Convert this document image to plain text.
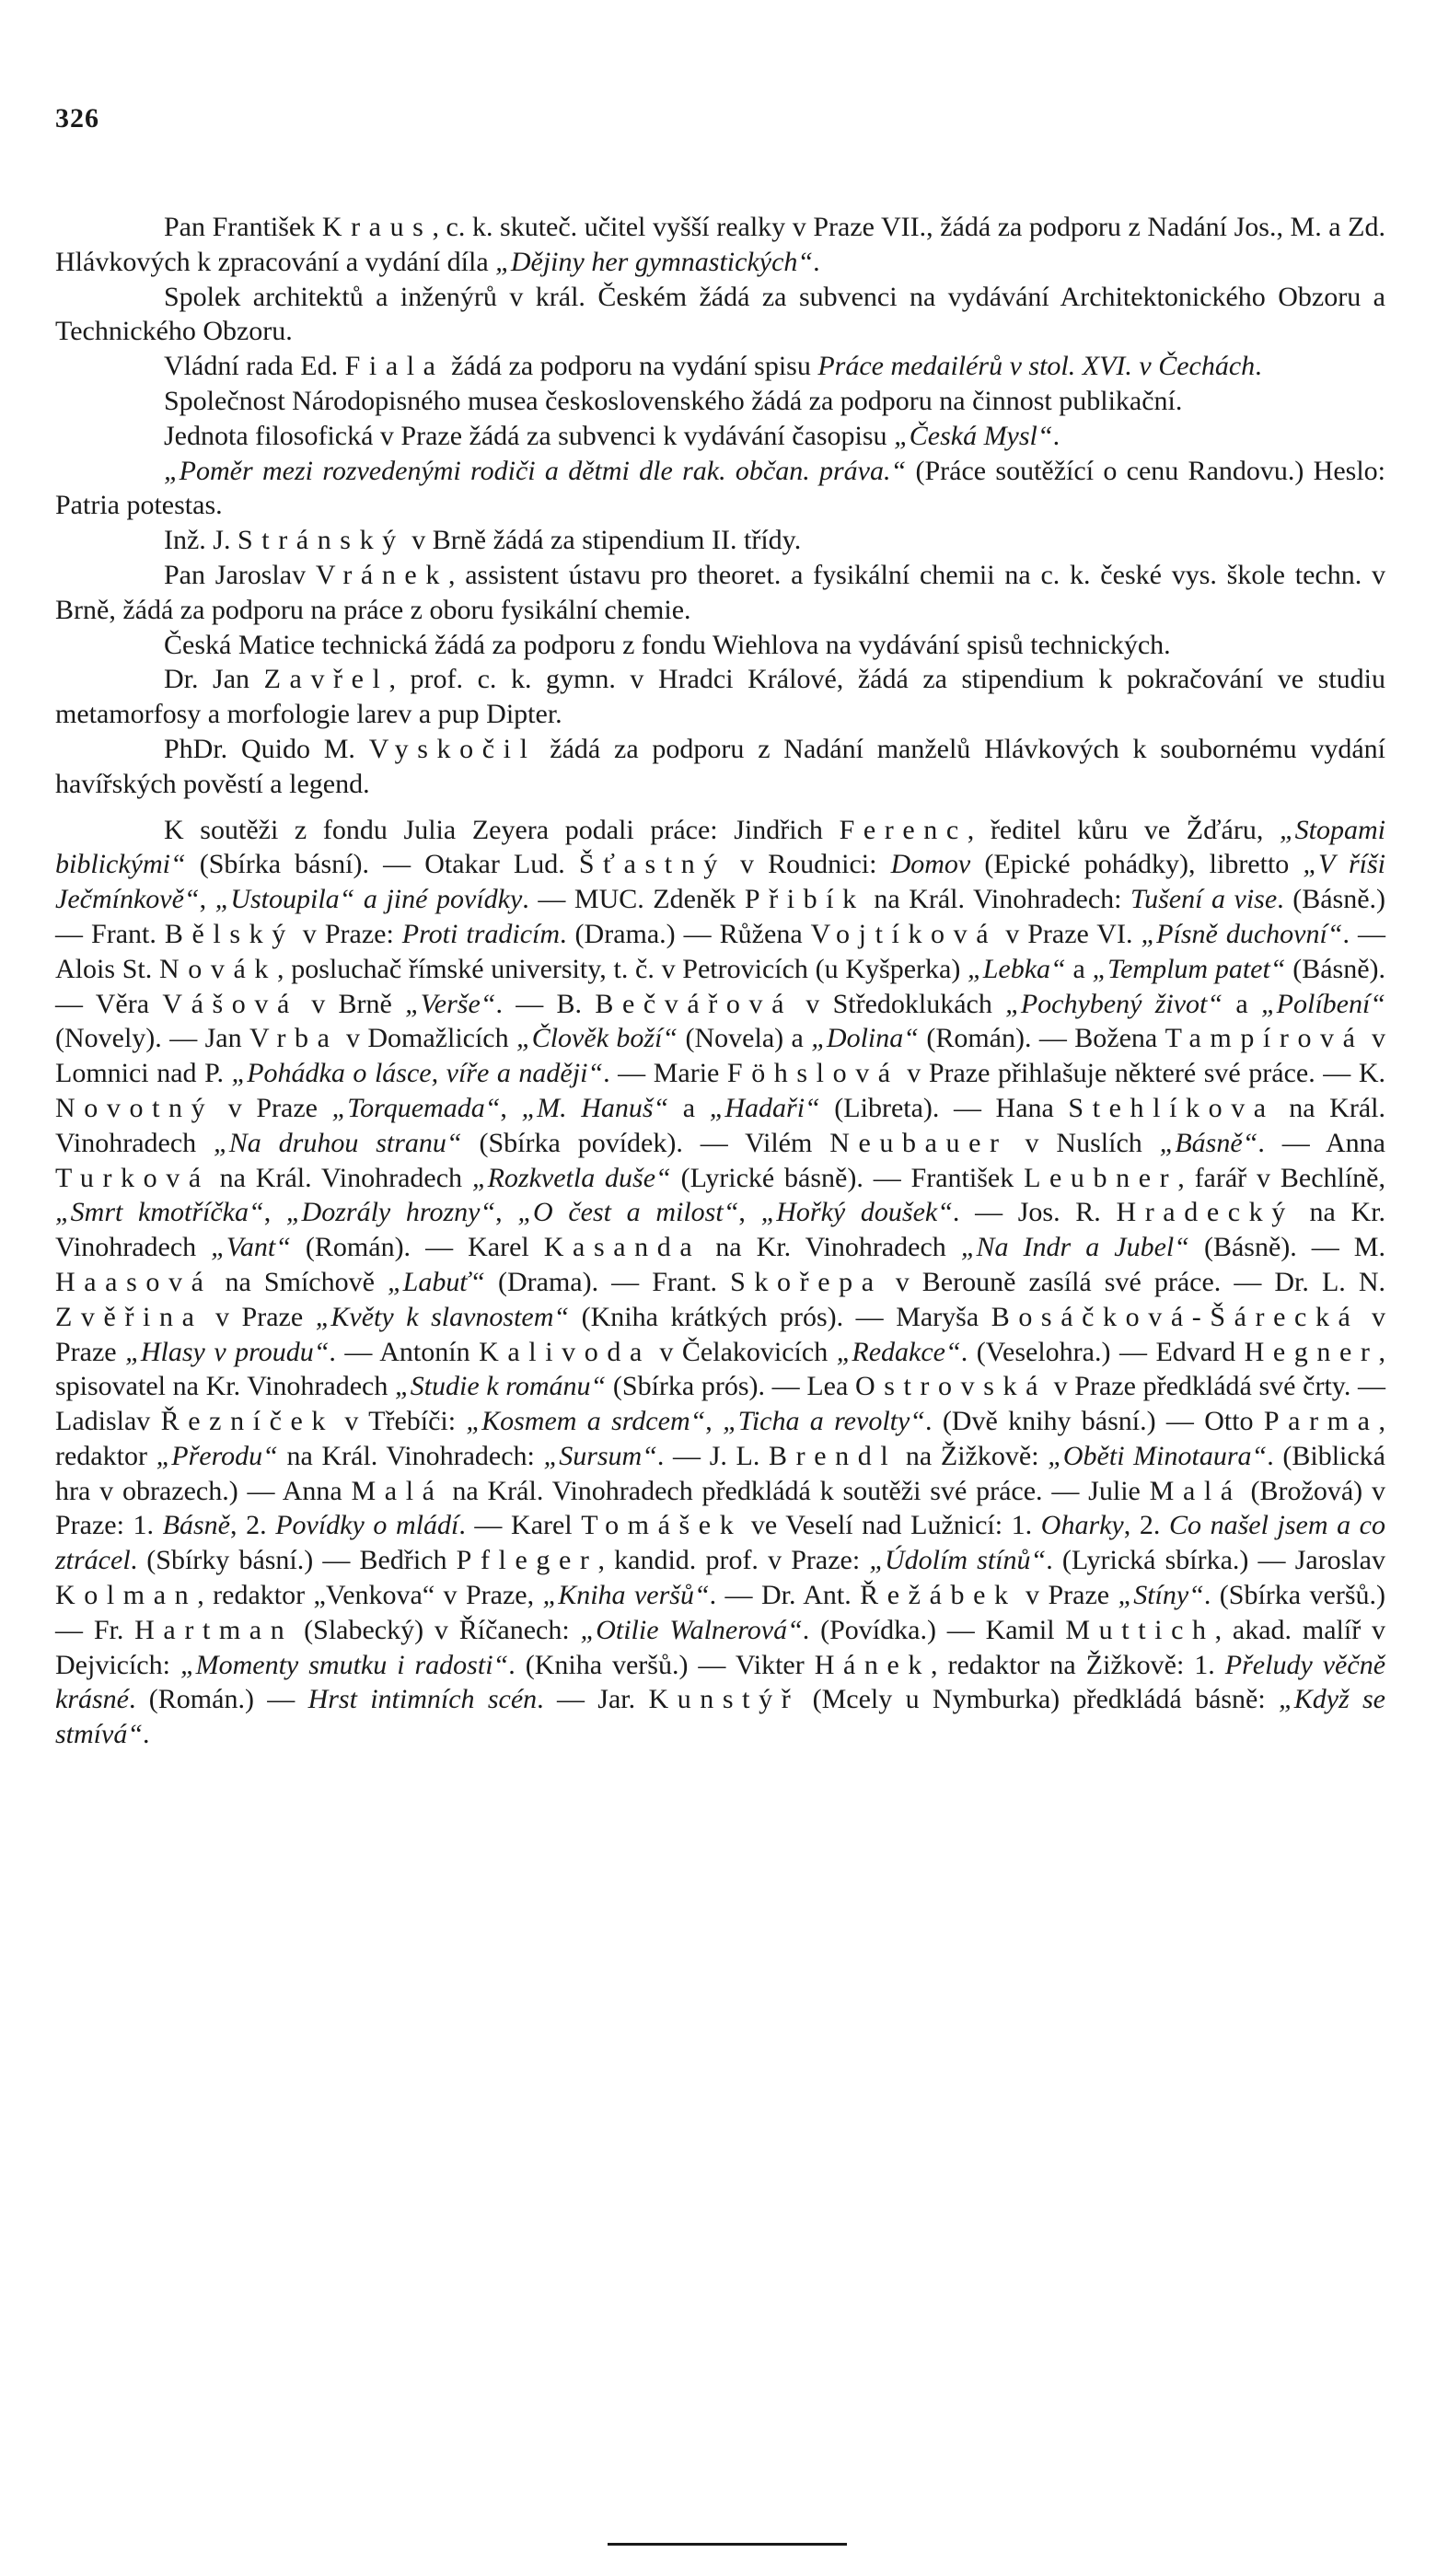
326

Pan František Kraus, c. k. skuteč. učitel vyšší realky v Praze VII., žádá za podporu z Nadání Jos., M. a Zd. Hlávkových k zpracování a vydání díla „Dějiny her gymnastických“.

Spolek architektů a inženýrů v král. Českém žádá za subvenci na vydávání Architektonického Obzoru a Technického Obzoru.

Vládní rada Ed. Fiala žádá za podporu na vydání spisu Práce medailérů v stol. XVI. v Čechách.

Společnost Národopisného musea československého žádá za podporu na činnost publikační.

Jednota filosofická v Praze žádá za subvenci k vydávání časopisu „Česká Mysl“.

„Poměr mezi rozvedenými rodiči a dětmi dle rak. občan. práva.“ (Práce soutěžící o cenu Randovu.) Heslo: Patria potestas.

Inž. J. Stránský v Brně žádá za stipendium II. třídy.

Pan Jaroslav Vránek, assistent ústavu pro theoret. a fysikální chemii na c. k. české vys. škole techn. v Brně, žádá za podporu na práce z oboru fysikální chemie.

Česká Matice technická žádá za podporu z fondu Wiehlova na vydávání spisů technických.

Dr. Jan Zavřel, prof. c. k. gymn. v Hradci Králové, žádá za stipendium k pokračování ve studiu metamorfosy a morfologie larev a pup Dipter.

PhDr. Quido M. Vyskočil žádá za podporu z Nadání manželů Hlávkových k soubornému vydání havířských pověstí a legend.

K soutěži z fondu Julia Zeyera podali práce: Jindřich Ferenc, ředitel kůru ve Žďáru, „Stopami biblickými“ (Sbírka básní). — Otakar Lud. Šťastný v Roudnici: Domov (Epické pohádky), libretto „V říši Ječmínkově“, „Ustoupila“ a jiné povídky. — MUC. Zdeněk Přibík na Král. Vinohradech: Tušení a vise. (Básně.) — Frant. Bělský v Praze: Proti tradicím. (Drama.) — Růžena Vojtíková v Praze VI. „Písně duchovní“. — Alois St. Novák, posluchač římské university, t. č. v Petrovicích (u Kyšperka) „Lebka“ a „Templum patet“ (Básně). — Věra Vášová v Brně „Verše“. — B. Bečvářová v Středoklukách „Pochybený život“ a „Políbení“ (Novely). — Jan Vrba v Domažlicích „Člověk boží“ (Novela) a „Dolina“ (Román). — Božena Tampírová v Lomnici nad P. „Pohádka o lásce, víře a naději“. — Marie Föhslová v Praze přihlašuje některé své práce. — K. Novotný v Praze „Torquemada“, „M. Hanuš“ a „Hadaři“ (Libreta). — Hana Stehlíkova na Král. Vinohradech „Na druhou stranu“ (Sbírka povídek). — Vilém Neubauer v Nuslích „Básně“. — Anna Turková na Král. Vinohradech „Rozkvetla duše“ (Lyrické básně). — František Leubner, farář v Bechlíně, „Smrt kmotříčka“, „Dozrály hrozny“, „O čest a milost“, „Hořký doušek“. — Jos. R. Hradecký na Kr. Vinohradech „Vant“ (Román). — Karel Kasanda na Kr. Vinohradech „Na Indr a Jubel“ (Básně). — M. Haasová na Smíchově „Labuť“ (Drama). — Frant. Skořepa v Berouně zasílá své práce. — Dr. L. N. Zvěřina v Praze „Květy k slavnostem“ (Kniha krátkých prós). — Maryša Bosáčková-Šárecká v Praze „Hlasy v proudu“. — Antonín Kalivoda v Čelakovicích „Redakce“. (Veselohra.) — Edvard Hegner, spisovatel na Kr. Vinohradech „Studie k románu“ (Sbírka prós). — Lea Ostrovská v Praze předkládá své črty. — Ladislav Řezníček v Třebíči: „Kosmem a srdcem“, „Ticha a revolty“. (Dvě knihy básní.) — Otto Parma, redaktor „Přerodu“ na Král. Vinohradech: „Sursum“. — J. L. Brendl na Žižkově: „Oběti Minotaura“. (Biblická hra v obrazech.) — Anna Malá na Král. Vinohradech předkládá k soutěži své práce. — Julie Malá (Brožová) v Praze: 1. Básně, 2. Povídky o mládí. — Karel Tomášek ve Veselí nad Lužnicí: 1. Oharky, 2. Co našel jsem a co ztrácel. (Sbírky básní.) — Bedřich Pfleger, kandid. prof. v Praze: „Údolím stínů“. (Lyrická sbírka.) — Jaroslav Kolman, redaktor „Venkova“ v Praze, „Kniha veršů“. — Dr. Ant. Řežábek v Praze „Stíny“. (Sbírka veršů.) — Fr. Hartman (Slabecký) v Říčanech: „Otilie Walnerová“. (Povídka.) — Kamil Muttich, akad. malíř v Dejvicích: „Momenty smutku i radosti“. (Kniha veršů.) — Vikter Hánek, redaktor na Žižkově: 1. Přeludy věčně krásné. (Román.) — Hrst intimních scén. — Jar. Kunstýř (Mcely u Nymburka) předkládá básně: „Když se stmívá“.
